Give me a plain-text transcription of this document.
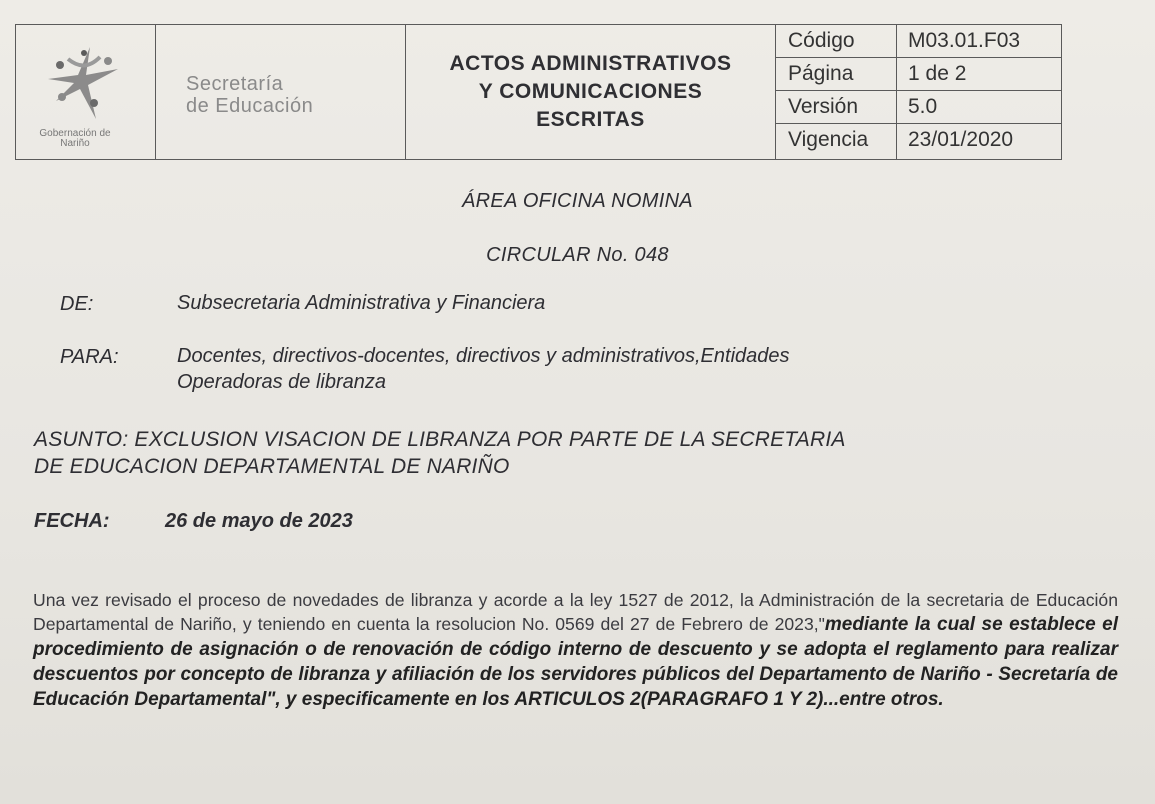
Gobernación de Nariño
Secretaría
de Educación
ACTOS ADMINISTRATIVOS
Y COMUNICACIONES
ESCRITAS
Código	M03.01.F03
Página	1 de 2
Versión 5.0
Vigencia 23/01/2020
ÁREA OFICINA NOMINA
CIRCULAR No. 048
DE:	Subsecretaria Administrativa y Financiera
PARA:	Docentes, directivos-docentes, directivos y administrativos,Entidades
Operadoras de libranza
ASUNTO: EXCLUSION VISACION DE LIBRANZA POR PARTE DE LA SECRETARIA
DE EDUCACION DEPARTAMENTAL DE NARIÑO
FECHA:	26 de mayo de 2023
Una vez revisado el proceso de novedades de libranza y acorde a la ley 1527 de 2012, la Administración de la secretaria de Educación Departamental de Nariño, y teniendo en cuenta la resolucion No. 0569 del 27 de Febrero de 2023,"mediante la cual se establece el procedimiento de asignación o de renovación de código interno de descuento y se adopta el reglamento para realizar descuentos por concepto de libranza y afiliación de los servidores públicos del Departamento de Nariño - Secretaría de Educación Departamental", y especificamente en los ARTICULOS 2(PARAGRAFO 1 Y 2)...entre otros.
